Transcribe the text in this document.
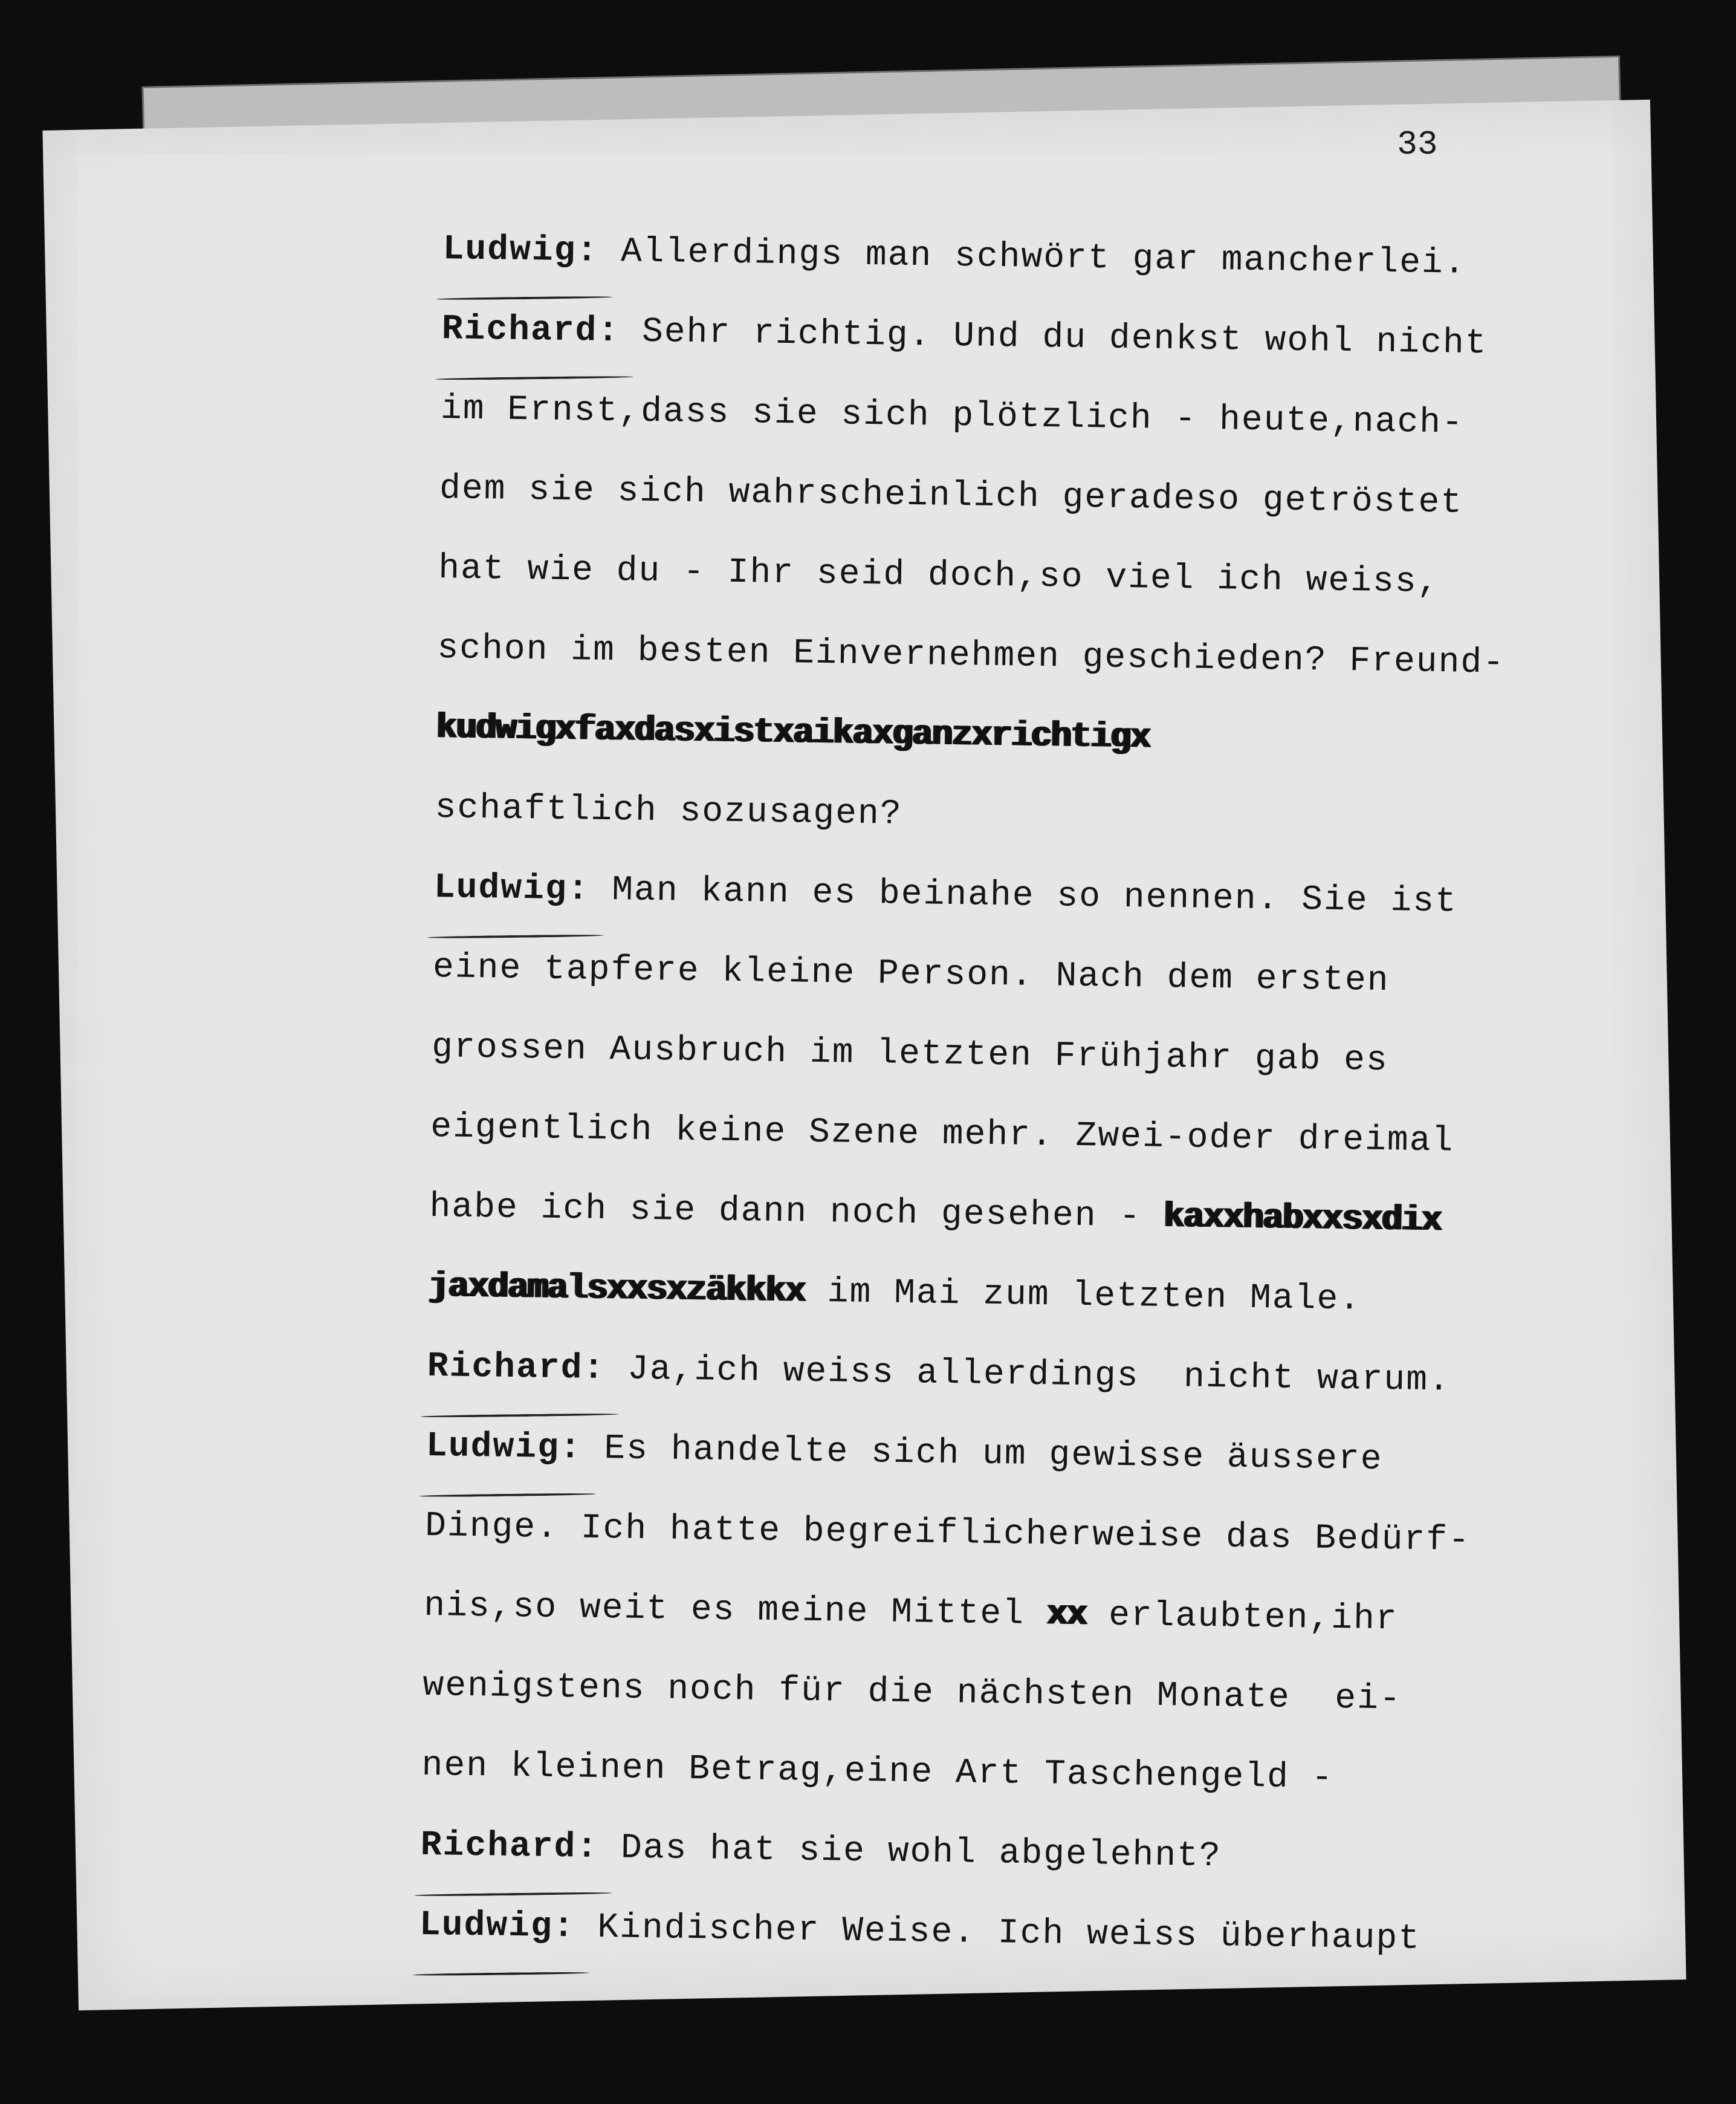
33
Ludwig: Allerdings man schwört gar mancherlei.
Richard: Sehr richtig. Und du denkst wohl nicht
im Ernst,dass sie sich plötzlich - heute,nach-
dem sie sich wahrscheinlich geradeso getröstet
hat wie du - Ihr seid doch,so viel ich weiss,
schon im besten Einvernehmen geschieden? Freund-
kudwigxfaxdasxistxaikaxganzxrichtigx
schaftlich sozusagen?
Ludwig: Man kann es beinahe so nennen. Sie ist
eine tapfere kleine Person. Nach dem ersten
grossen Ausbruch im letzten Frühjahr gab es
eigentlich keine Szene mehr. Zwei-oder dreimal
habe ich sie dann noch gesehen - kaxxhabxxsxdix
jaxdamalsxxsxzäkkkx im Mai zum letzten Male.
Richard: Ja,ich weiss allerdings  nicht warum.
Ludwig: Es handelte sich um gewisse äussere
Dinge. Ich hatte begreiflicherweise das Bedürf-
nis,so weit es meine Mittel xx erlaubten,ihr
wenigstens noch für die nächsten Monate  ei-
nen kleinen Betrag,eine Art Taschengeld -
Richard: Das hat sie wohl abgelehnt?
Ludwig: Kindischer Weise. Ich weiss überhaupt
